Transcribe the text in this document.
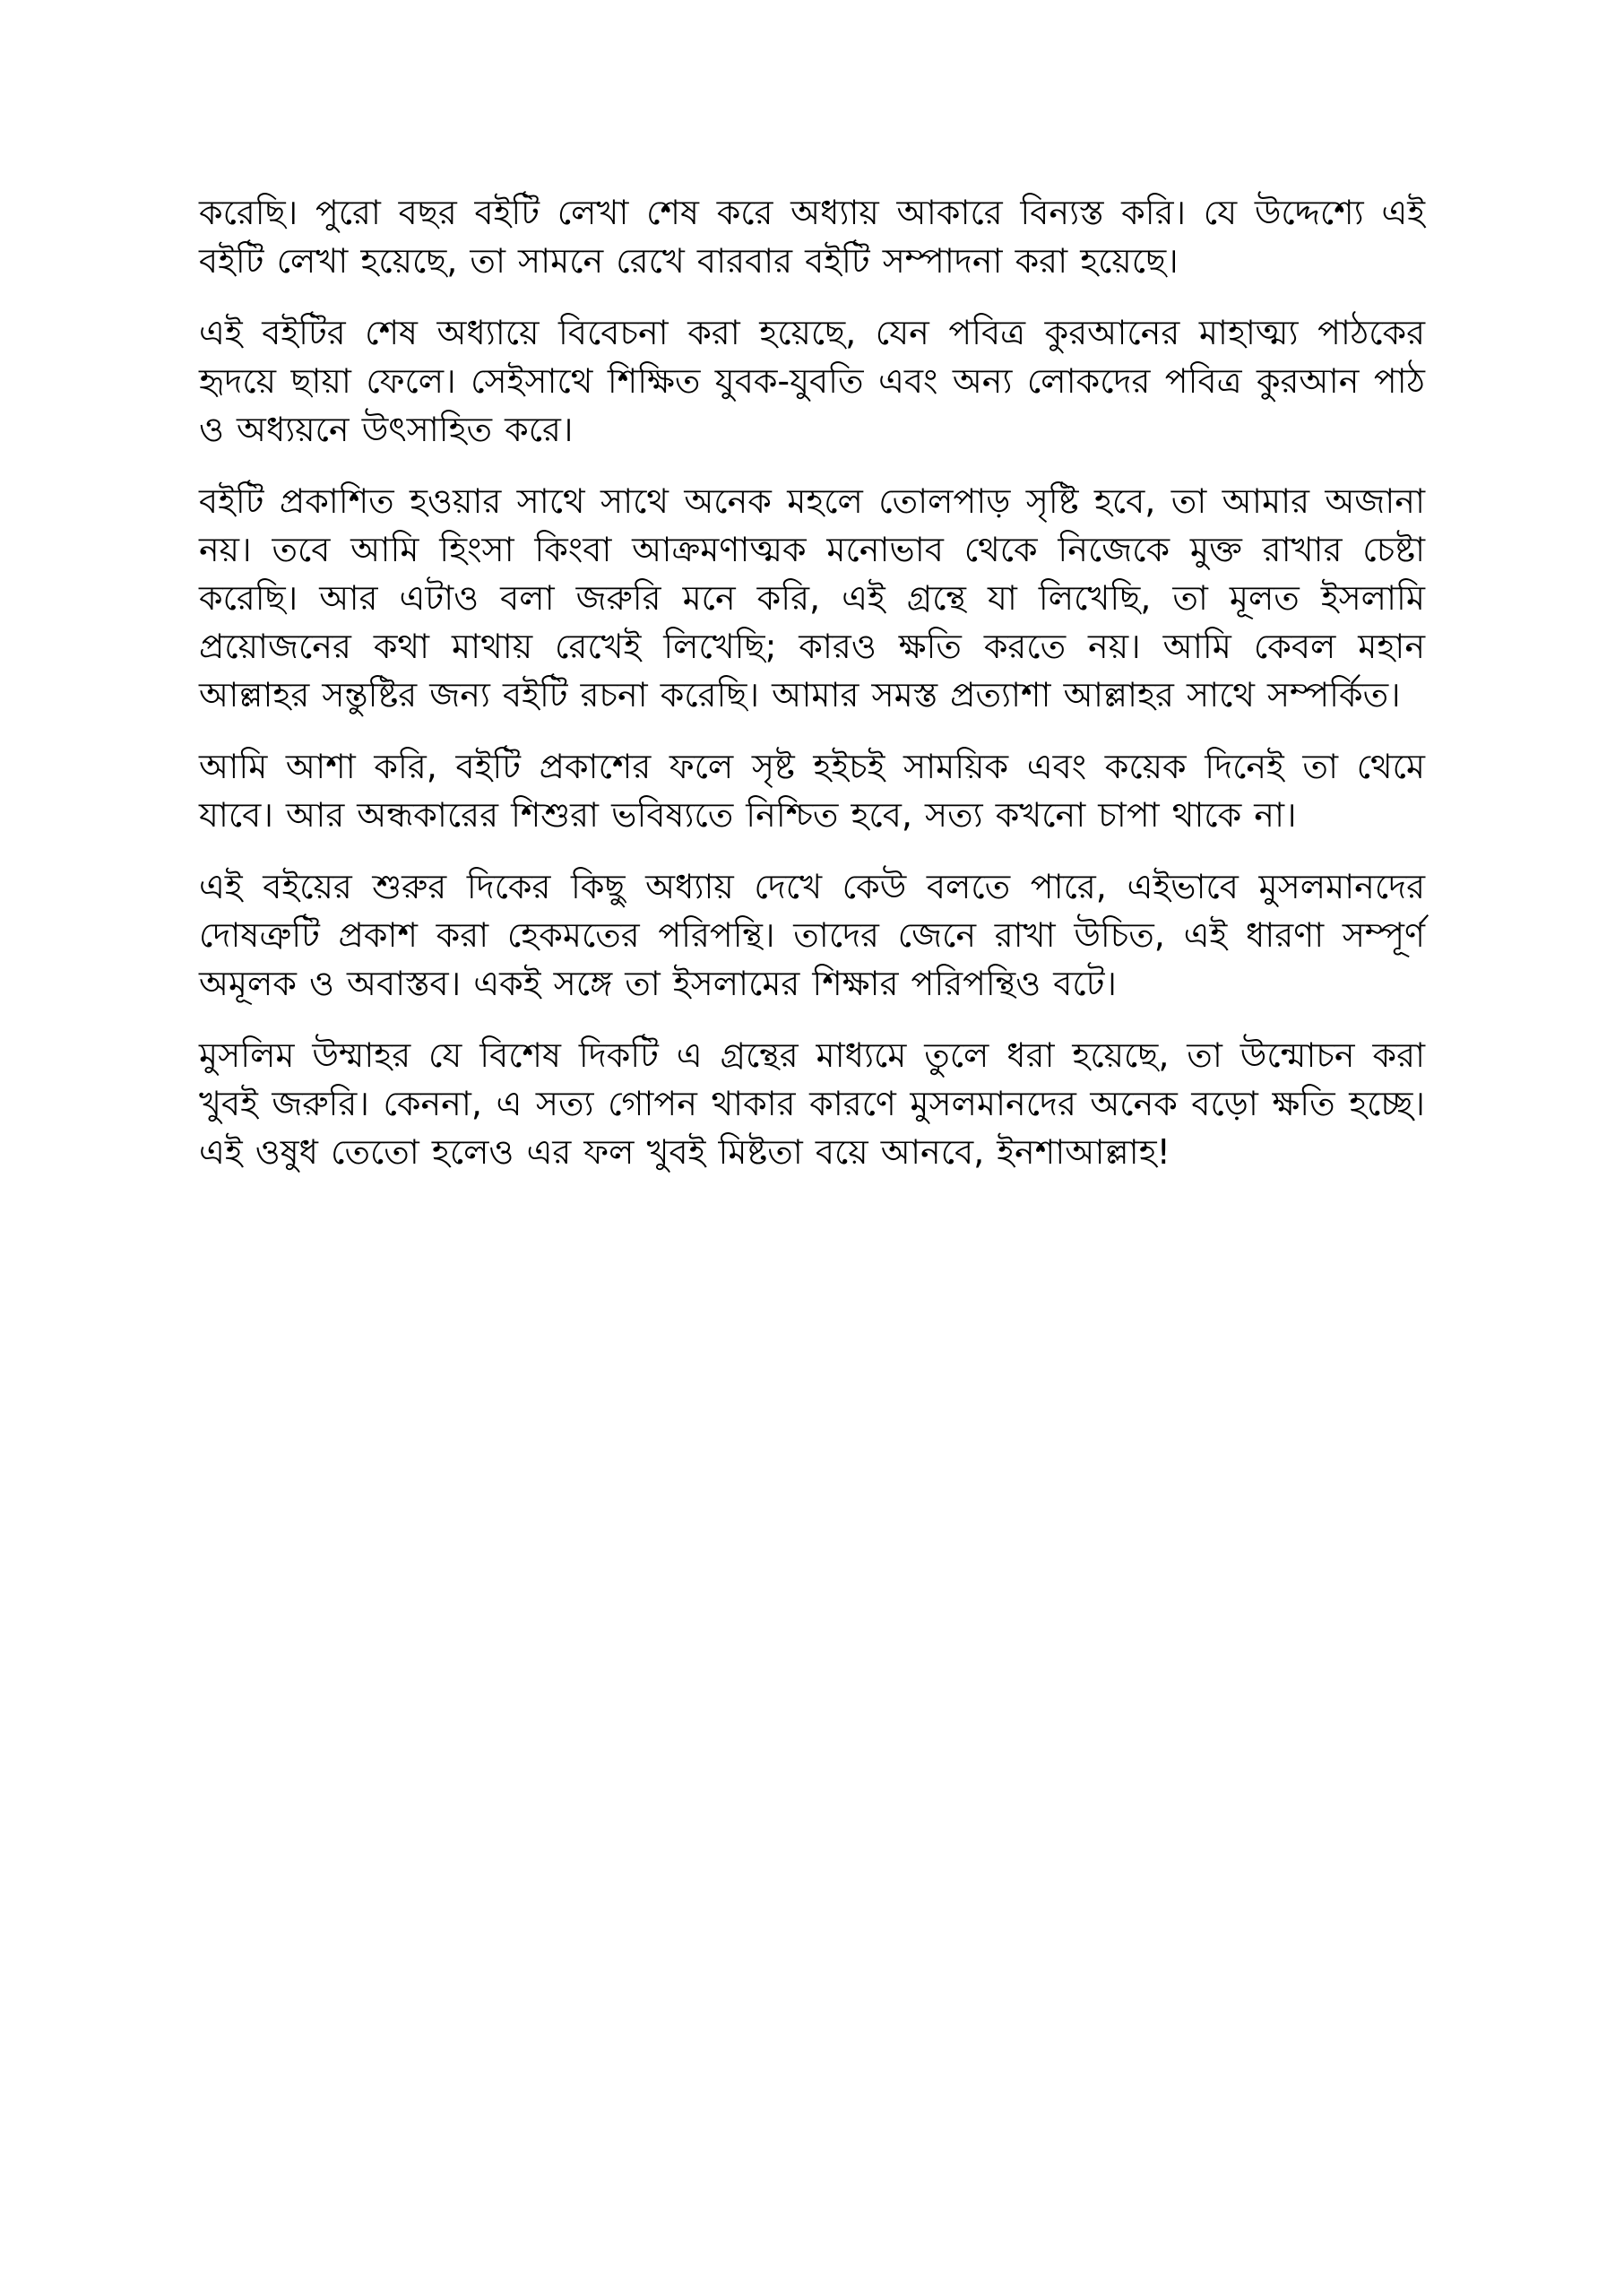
করেছি। পুরো বছর বইটি লেখা শেষ করে অধ্যায় আকারে বিন্যস্ত করি। যে উদ্দেশ্যে এই বইটি লেখা হয়েছে, তা সামনে রেখে বারবার বইটি সম্পাদনা করা হয়েছে।

এই বইটির শেষ অধ্যায়ে বিবেচনা করা হয়েছে, যেন পবিত্র কুরআনের মাহাত্ম্য পাঠকের হৃদয়ে ছায়া ফেলে। সেইসাথে শিক্ষিত যুবক-যুবতি এবং অন্য লোকদের পবিত্র কুরআন পাঠ ও অধ্যয়নে উৎসাহিত করে।

বইটি প্রকাশিত হওয়ার সাথে সাথে অনেক মহলে তোলপাড় সৃষ্টি হবে, তা আমার অজানা নয়। তবে আমি হিংসা কিংবা আক্রমণাত্মক মনোভাব থেকে নিজেকে মুক্ত রাখার চেষ্টা করেছি। আর এটাও বলা জরুরি মনে করি, এই গ্রন্থে যা লিখেছি, তা মূলত ইসলামি প্রয়োজনের কথা মাথায় রেখেই লিখেছি; কারও ক্ষতি করতে নয়। আমি কেবল মহান আল্লাহর সন্তুষ্টির জন্য বইটি রচনা করেছি। আমার সমস্ত প্রত্যাশা আল্লাহর সাথে সম্পর্কিত।

আমি আশা করি, বইটি প্রকাশের ফলে সৃষ্ট হইচই সাময়িক এবং কয়েক দিনেই তা থেমে যাবে। আর অন্ধকারের শিশুরা ভবিষ্যতে নিশ্চিত হবে, সত্য কখনো চাপা থাকে না।

এই বইয়ের শুরুর দিকের কিছু অধ্যায় দেখে কেউ বলতে পারে, এইভাবে মুসলমানদের দোষত্রুটি প্রকাশ করা হেকমতের পরিপন্থি। তাদের জেনে রাখা উচিত, এই ধারণা সম্পূর্ণ অমূলক ও অবাস্তব। একই সঙ্গে তা ইসলামের শিক্ষার পরিপন্থিও বটে।

মুসলিম উম্মাহর যে বিশেষ দিকটি এ গ্রন্থের মাধ্যমে তুলে ধরা হয়েছে, তা উন্মোচন করা খুবই জরুরি। কেননা, এ সত্য গোপন থাকার কারণে মুসলমানদের অনেক বড়ো ক্ষতি হচ্ছে। এই ওষুধ তেতো হলেও এর ফল খুবই মিষ্টতা বয়ে আনবে, ইনশাআল্লাহ!
